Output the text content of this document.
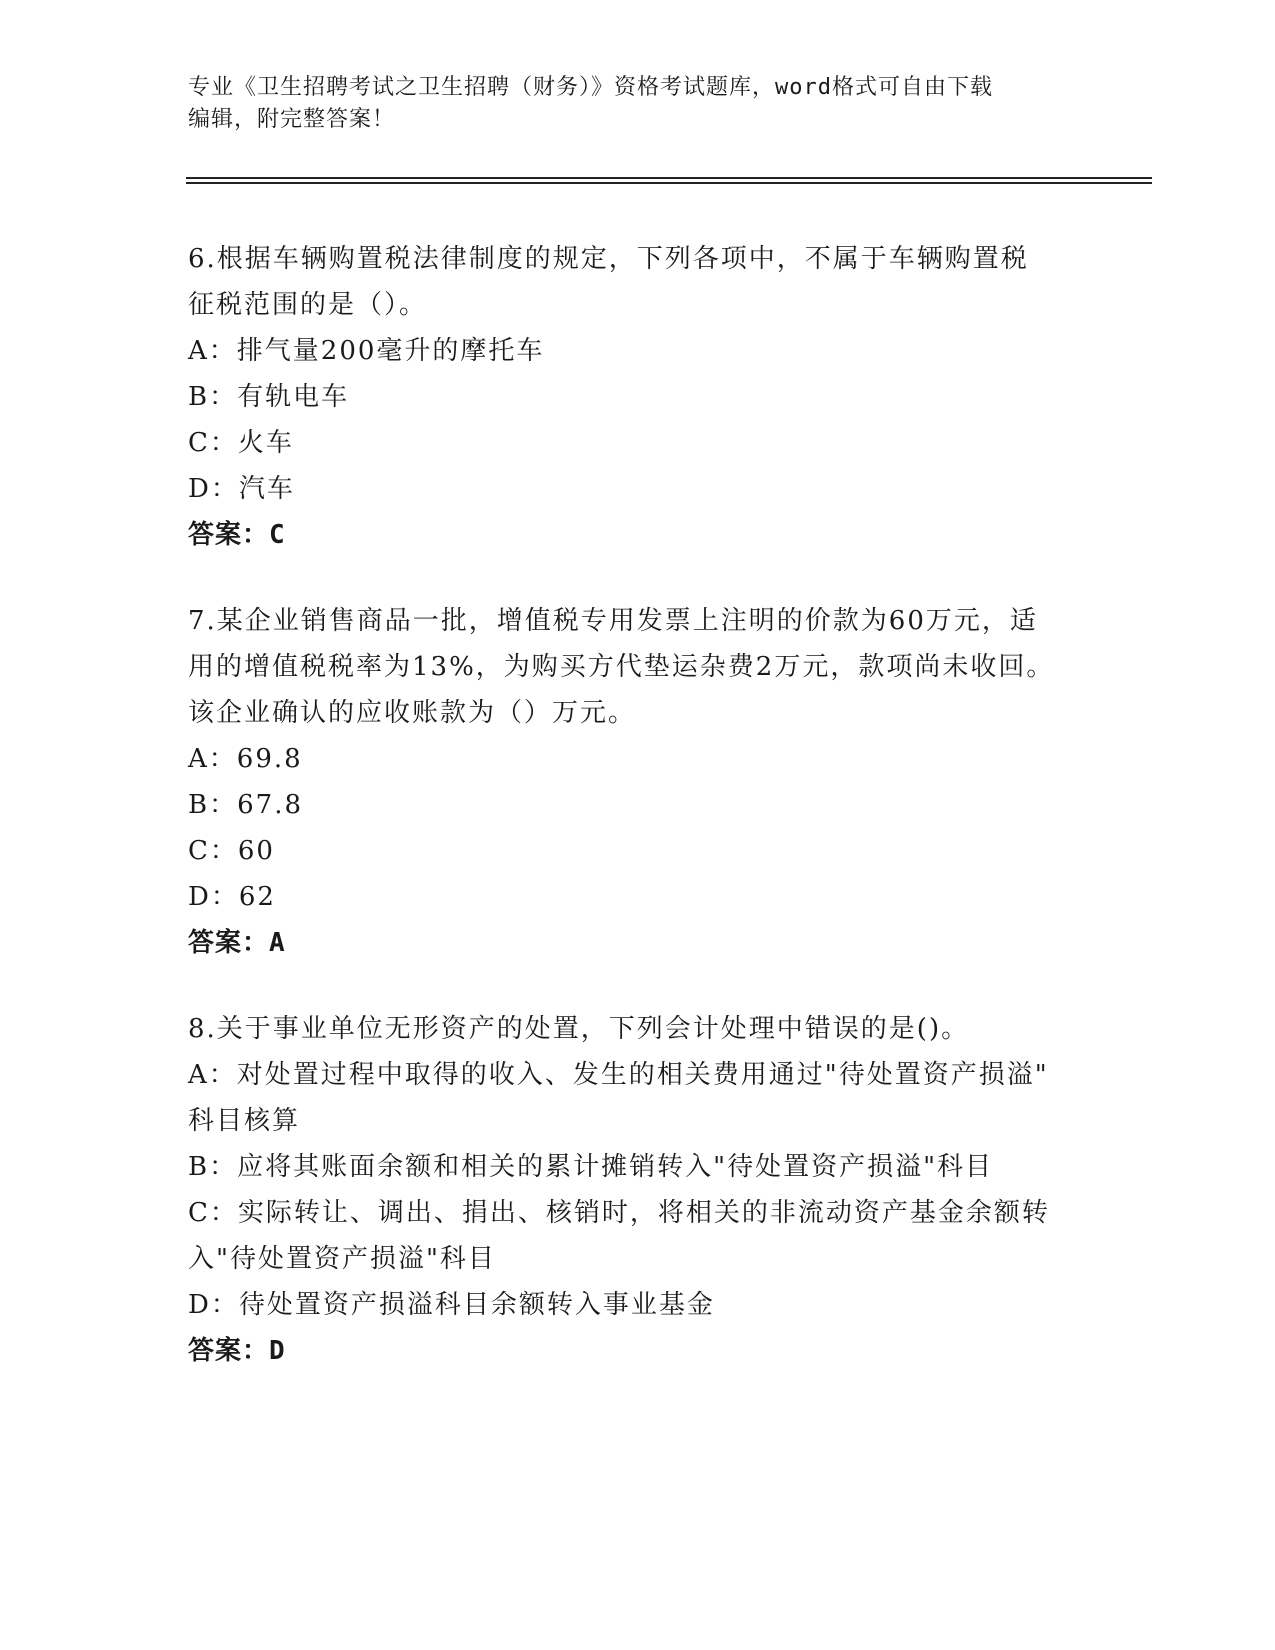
专业《卫生招聘考试之卫生招聘（财务）》资格考试题库，word格式可自由下载
编辑，附完整答案！
6.根据车辆购置税法律制度的规定，下列各项中，不属于车辆购置税
征税范围的是（）。
A：排气量200毫升的摩托车
B：有轨电车
C：火车
D：汽车
答案：C
7.某企业销售商品一批，增值税专用发票上注明的价款为60万元，适
用的增值税税率为13%，为购买方代垫运杂费2万元，款项尚未收回。
该企业确认的应收账款为（）万元。
A：69.8
B：67.8
C：60
D：62
答案：A
8.关于事业单位无形资产的处置，下列会计处理中错误的是()。
A：对处置过程中取得的收入、发生的相关费用通过"待处置资产损溢"
科目核算
B：应将其账面余额和相关的累计摊销转入"待处置资产损溢"科目
C：实际转让、调出、捐出、核销时，将相关的非流动资产基金余额转
入"待处置资产损溢"科目
D：待处置资产损溢科目余额转入事业基金
答案：D
